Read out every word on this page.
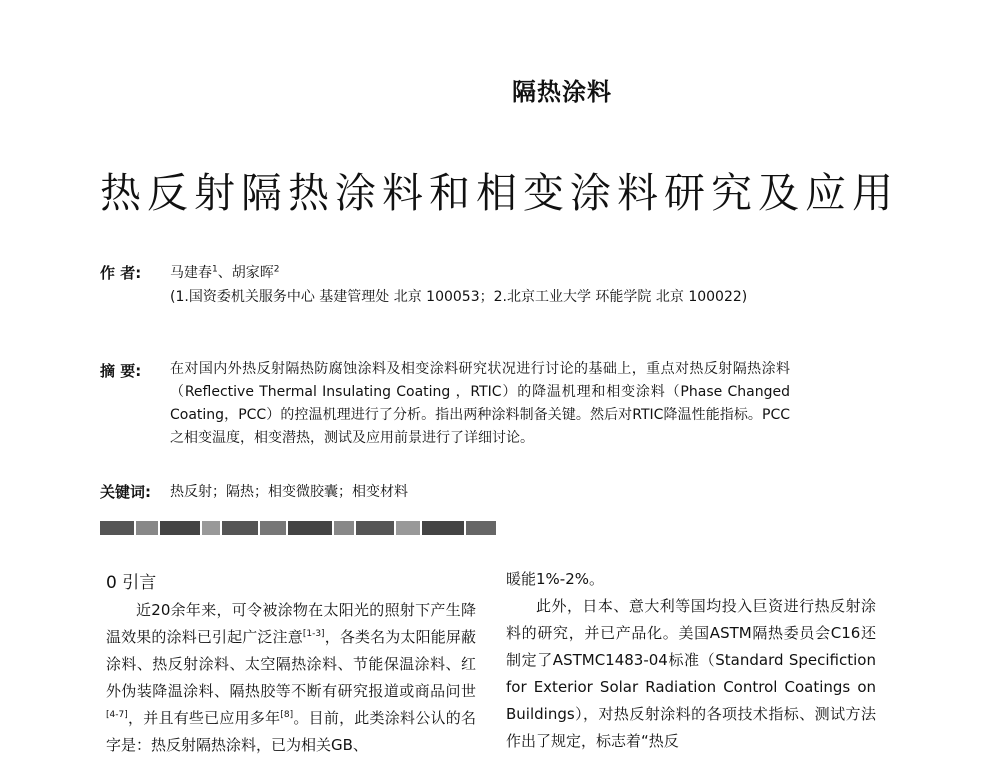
隔热涂料
热反射隔热涂料和相变涂料研究及应用
作 者: 马建春$^1$、胡家晖$^2$
(1.国资委机关服务中心 基建管理处 北京 100053；2.北京工业大学 环能学院 北京 100022)
摘 要: 在对国内外热反射隔热防腐蚀涂料及相变涂料研究状况进行讨论的基础上，重点对热反射隔热涂料（Reflective Thermal Insulating Coating ，RTIC）的降温机理和相变涂料（Phase Changed Coating，PCC）的控温机理进行了分析。指出两种涂料制备关键。然后对RTIC降温性能指标。PCC之相变温度，相变潜热，测试及应用前景进行了详细讨论。
关键词: 热反射；隔热；相变微胶囊；相变材料

0 引言

近20余年来，可令被涂物在太阳光的照射下产生降温效果的涂料已引起广泛注意[1-3]，各类名为太阳能屏蔽涂料、热反射涂料、太空隔热涂料、节能保温涂料、红外伪装降温涂料、隔热胶等不断有研究报道或商品问世[4-7]，并且有些已应用多年[8]。目前，此类涂料公认的名字是：热反射隔热涂料，已为相关GB、

暖能1%-2%。

此外，日本、意大利等国均投入巨资进行热反射涂料的研究，并已产品化。美国ASTM隔热委员会C16还制定了ASTMC1483-04标准（Standard Specifiction for Exterior Solar Radiation Control Coatings on Buildings），对热反射涂料的各项技术指标、测试方法作出了规定，标志着“热反
